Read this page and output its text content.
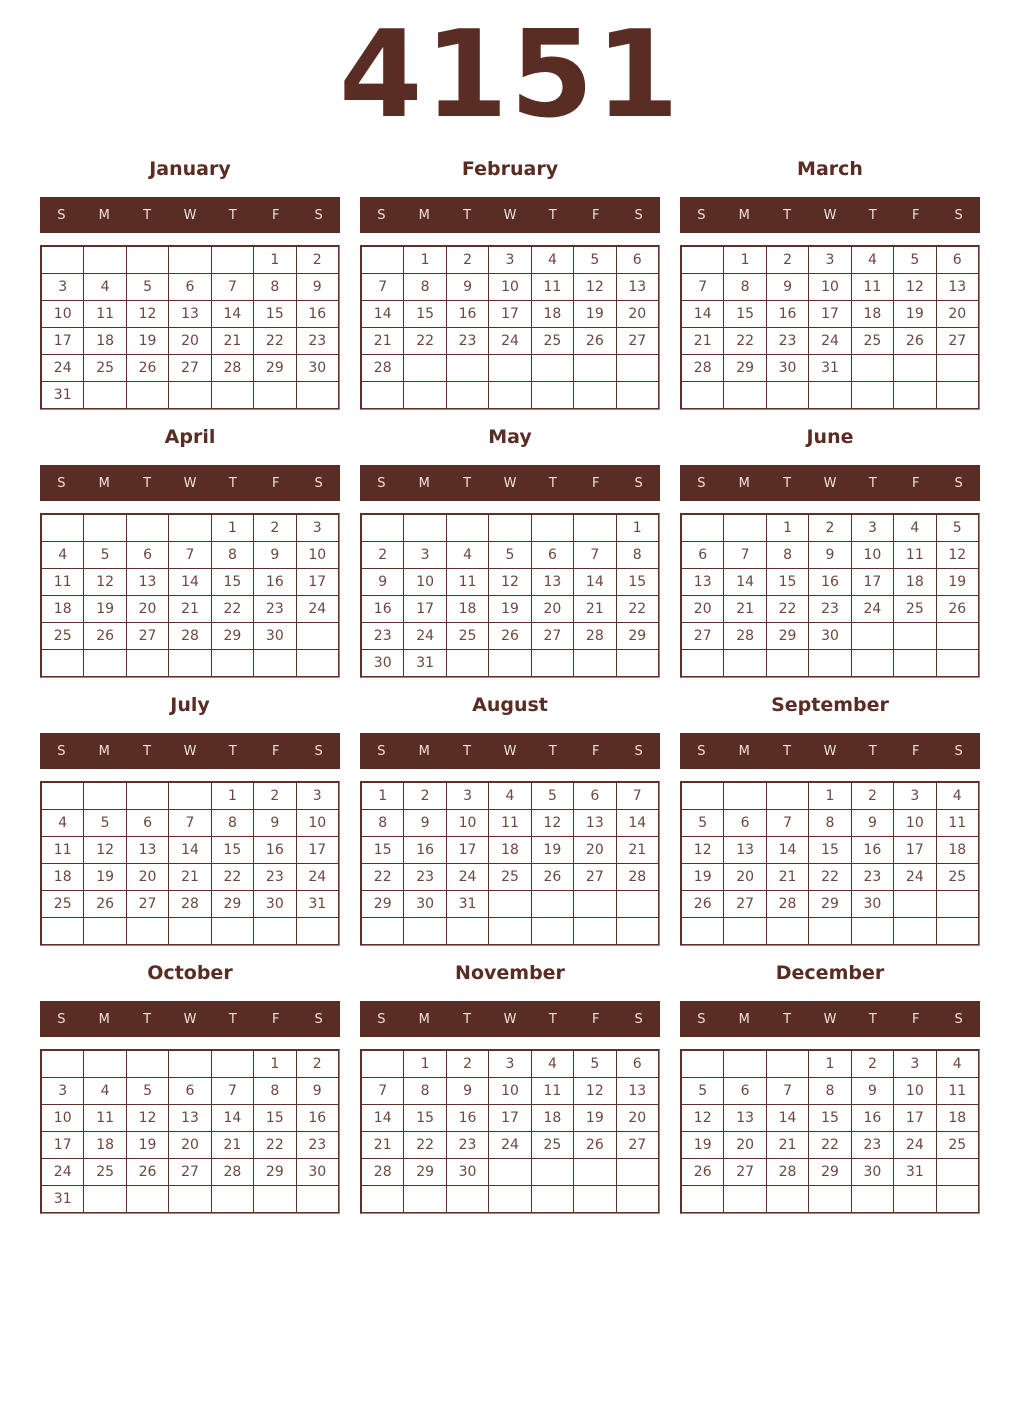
4151
January
S	M	T	W	T	F	S
					1	2
3	4	5	6	7	8	9
10	11	12	13	14	15	16
17	18	19	20	21	22	23
24	25	26	27	28	29	30
31						
February
S	M	T	W	T	F	S
	1	2	3	4	5	6
7	8	9	10	11	12	13
14	15	16	17	18	19	20
21	22	23	24	25	26	27
28						

March
S	M	T	W	T	F	S
	1	2	3	4	5	6
7	8	9	10	11	12	13
14	15	16	17	18	19	20
21	22	23	24	25	26	27
28	29	30	31			

April
S	M	T	W	T	F	S
				1	2	3
4	5	6	7	8	9	10
11	12	13	14	15	16	17
18	19	20	21	22	23	24
25	26	27	28	29	30	

May
S	M	T	W	T	F	S
						1
2	3	4	5	6	7	8
9	10	11	12	13	14	15
16	17	18	19	20	21	22
23	24	25	26	27	28	29
30	31					
June
S	M	T	W	T	F	S
		1	2	3	4	5
6	7	8	9	10	11	12
13	14	15	16	17	18	19
20	21	22	23	24	25	26
27	28	29	30			

July
S	M	T	W	T	F	S
				1	2	3
4	5	6	7	8	9	10
11	12	13	14	15	16	17
18	19	20	21	22	23	24
25	26	27	28	29	30	31

August
S	M	T	W	T	F	S
1	2	3	4	5	6	7
8	9	10	11	12	13	14
15	16	17	18	19	20	21
22	23	24	25	26	27	28
29	30	31				

September
S	M	T	W	T	F	S
			1	2	3	4
5	6	7	8	9	10	11
12	13	14	15	16	17	18
19	20	21	22	23	24	25
26	27	28	29	30		

October
S	M	T	W	T	F	S
					1	2
3	4	5	6	7	8	9
10	11	12	13	14	15	16
17	18	19	20	21	22	23
24	25	26	27	28	29	30
31						
November
S	M	T	W	T	F	S
	1	2	3	4	5	6
7	8	9	10	11	12	13
14	15	16	17	18	19	20
21	22	23	24	25	26	27
28	29	30				

December
S	M	T	W	T	F	S
			1	2	3	4
5	6	7	8	9	10	11
12	13	14	15	16	17	18
19	20	21	22	23	24	25
26	27	28	29	30	31	
